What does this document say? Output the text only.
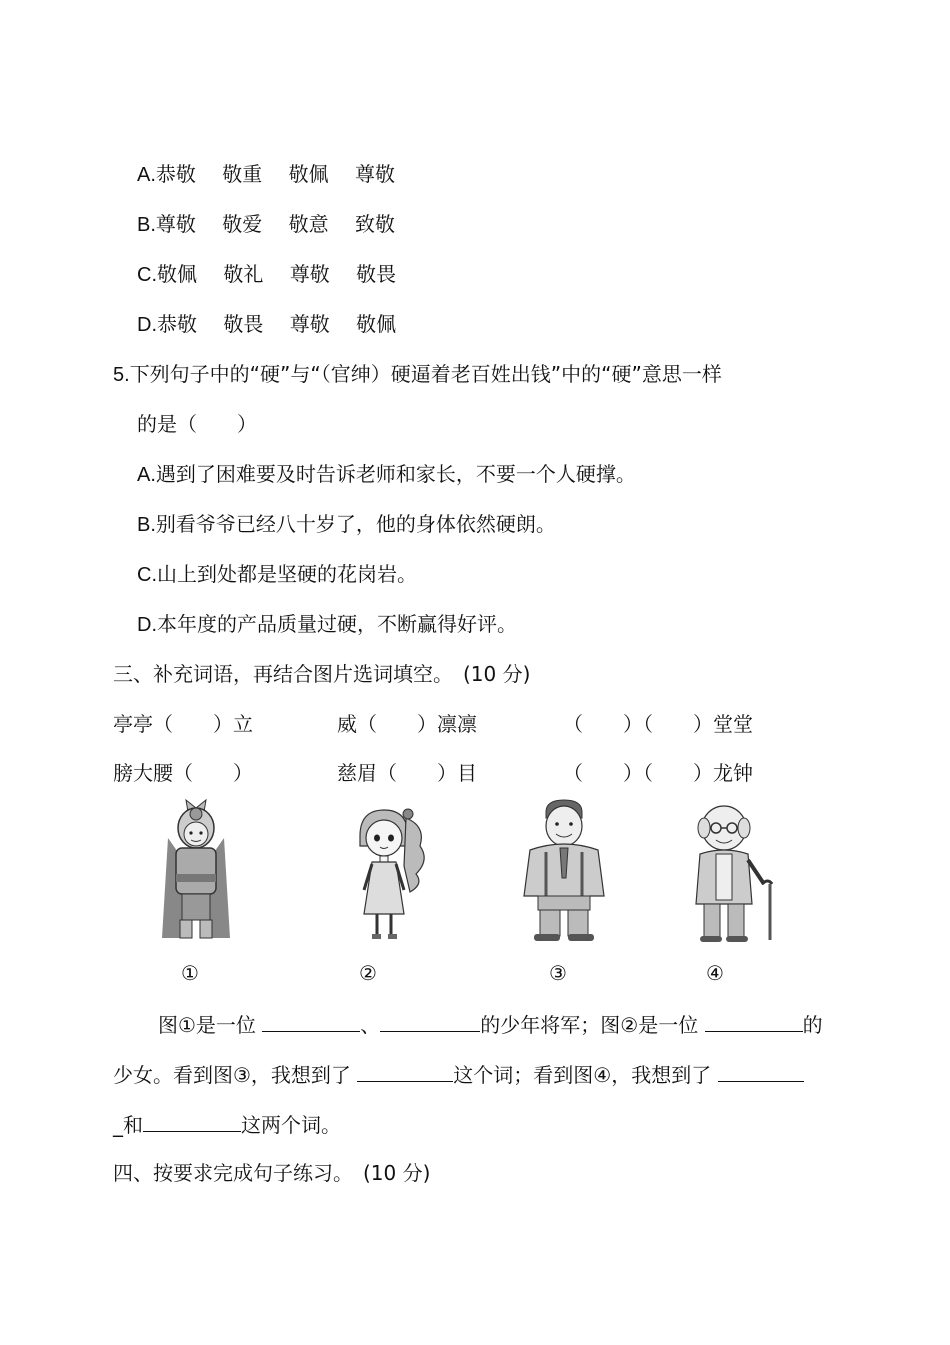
A.恭敬　 敬重　 敬佩　 尊敬
B.尊敬　 敬爱　 敬意　 致敬
C.敬佩　 敬礼　 尊敬　 敬畏
D.恭敬　 敬畏　 尊敬　 敬佩
5.下列句子中的“硬”与“（官绅）硬逼着老百姓出钱”中的“硬”意思一样
的是（　　）
A.遇到了困难要及时告诉老师和家长，不要一个人硬撑。
B.别看爷爷已经八十岁了，他的身体依然硬朗。
C.山上到处都是坚硬的花岗岩。
D.本年度的产品质量过硬，不断赢得好评。
三、补充词语，再结合图片选词填空。　(10 分)
亭亭（　　）立	威（　　）凛凛	（　　）（　　）堂堂
膀大腰（　　）	慈眉（　　）目	（　　）（　　）龙钟
①	②	③	④
图①是一位	、	的少年将军；图②是一位	的
少女。看到图③，我想到了	这个词；看到图④，我想到了
_和	这两个词。
四、按要求完成句子练习。　(10 分)
